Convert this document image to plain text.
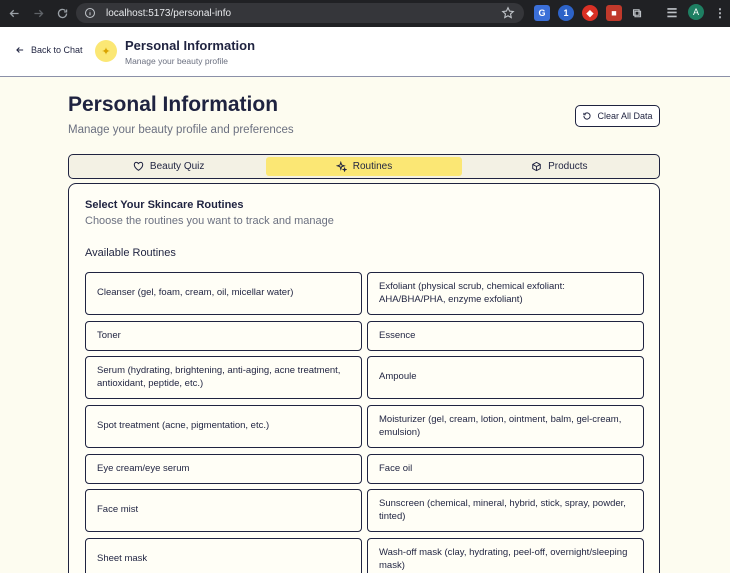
localhost:5173/personal-info	G	1	◆	■	⧉	☰	A	⋮
Back to Chat	✦	Personal Information
Manage your beauty profile
Personal Information
Manage your beauty profile and preferences
Clear All Data
Beauty Quiz	Routines	Products
Select Your Skincare Routines
Choose the routines you want to track and manage
Available Routines
Cleanser (gel, foam, cream, oil, micellar water)
Exfoliant (physical scrub, chemical exfoliant: AHA/BHA/PHA, enzyme exfoliant)
Toner	Essence
Serum (hydrating, brightening, anti-aging, acne treatment, antioxidant, peptide, etc.)
Ampoule
Spot treatment (acne, pigmentation, etc.)
Moisturizer (gel, cream, lotion, ointment, balm, gel-cream, emulsion)
Eye cream/eye serum	Face oil
Face mist
Sunscreen (chemical, mineral, hybrid, stick, spray, powder, tinted)
Sheet mask
Wash-off mask (clay, hydrating, peel-off, overnight/sleeping mask)
